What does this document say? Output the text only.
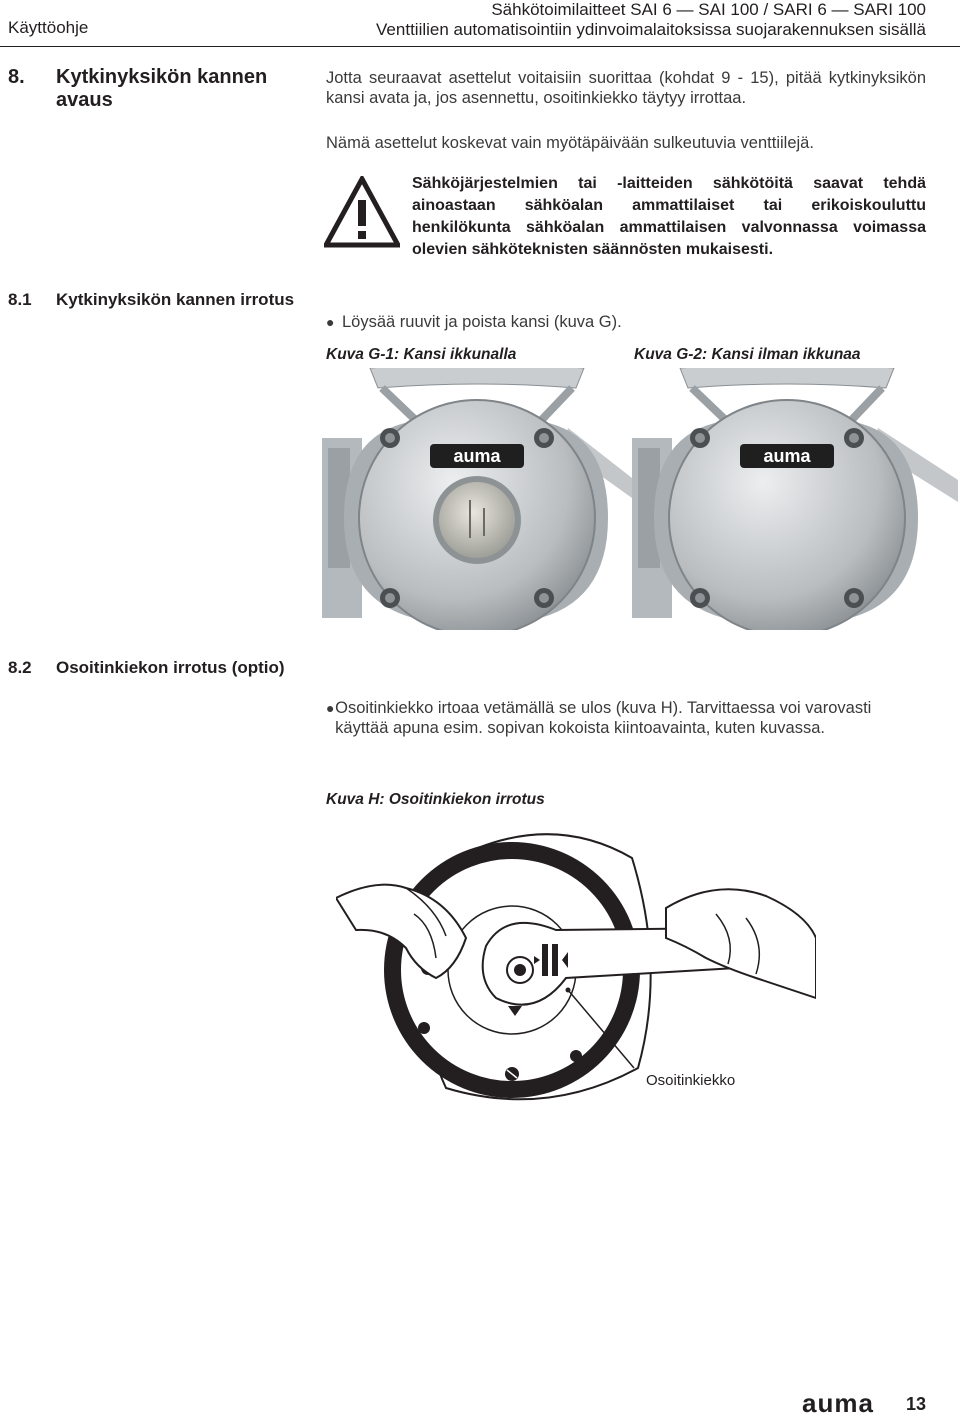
Käyttöohje
Sähkötoimilaitteet SAI 6 — SAI 100 / SARI 6 — SARI 100
Venttiilien automatisointiin ydinvoimalaitoksissa suojarakennuksen sisällä
8. Kytkinyksikön kannen
avaus
Jotta seuraavat asettelut voitaisiin suorittaa (kohdat 9 - 15), pitää kytkinyksikön kansi avata ja, jos asennettu, osoitinkiekko täytyy irrottaa.
Nämä asettelut koskevat vain myötäpäivään sulkeutuvia venttiilejä.
Sähköjärjestelmien tai -laitteiden sähkötöitä saavat tehdä ainoastaan sähköalan ammattilaiset tai erikoiskouluttu henkilökunta sähköalan ammattilaisen valvonnassa voimassa olevien sähköteknisten säännösten mukaisesti.
8.1 Kytkinyksikön kannen irrotus
● Löysää ruuvit ja poista kansi (kuva G).
Kuva G-1: Kansi ikkunalla	Kuva G-2: Kansi ilman ikkunaa
auma	auma
8.2 Osoitinkiekon irrotus (optio)
● Osoitinkiekko irtoaa vetämällä se ulos (kuva H). Tarvittaessa voi varovasti käyttää apuna esim. sopivan kokoista kiintoavainta, kuten kuvassa.
Kuva H: Osoitinkiekon irrotus
Osoitinkiekko
auma 13
